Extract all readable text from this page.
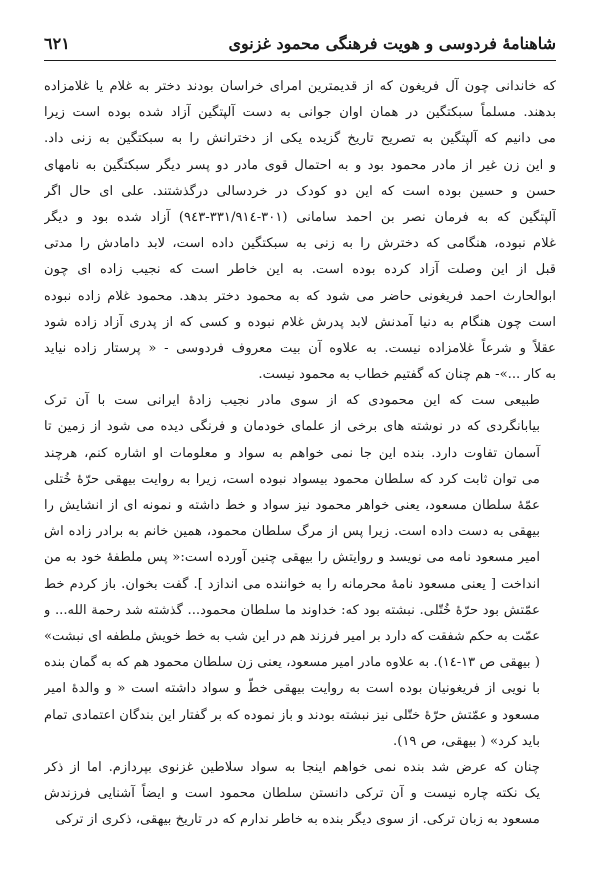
شاهنامهٔ فردوسی و هویت فرهنگی محمود غزنوی
٦٢١
که خاندانی چون آل فریغون که از قدیمترین امرای خراسان بودند دختر به غلام یا غلامزاده
بدهند. مسلماً سبکتگین در همان اوان جوانی به دست آلپتگین آزاد شده بوده است زیرا
می دانیم که آلپتگین به تصریح تاریخ گزیده یکی از دخترانش را به سبکتگین به زنی داد.
و این زن غیر از مادر محمود بود و به احتمال قوی مادر دو پسر دیگر سبکتگین به نامهای
حسن و حسین بوده است که این دو کودک در خردسالی درگذشتند. علی ای حال اگر
آلپتگین که به فرمان نصر بن احمد سامانی (٣٠١-٣٣١/٩١٤-٩٤٣) آزاد شده بود و دیگر
غلام نبوده، هنگامی که دخترش را به زنی به سبکتگین داده است، لابد دامادش را مدتی
قبل از این وصلت آزاد کرده بوده است. به این خاطر است که نجیب زاده ای چون
ابوالحارث احمد فریغونی حاضر می شود که به محمود دختر بدهد. محمود غلام زاده نبوده
است چون هنگام به دنیا آمدنش لابد پدرش غلام نبوده و کسی که از پدری آزاد زاده شود
عقلاً و شرعاً غلامزاده نیست. به علاوه آن بیت معروف فردوسی - « پرستار زاده نیاید
به کار ...»- هم چنان که گفتیم خطاب به محمود نیست.
طبیعی ست که این محمودی که از سوی مادر نجیب زادهٔ ایرانی ست با آن ترک
بیابانگردی که در نوشته های برخی از علمای خودمان و فرنگی دیده می شود از زمین تا
آسمان تفاوت دارد. بنده این جا نمی خواهم به سواد و معلومات او اشاره کنم، هرچند
می توان ثابت کرد که سلطان محمود بیسواد نبوده است، زیرا به روایت بیهقی حرّهٔ خُتلی
عمّهٔ سلطان مسعود، یعنی خواهر محمود نیز سواد و خط داشته و نمونه ای از انشایش را
بیهقی به دست داده است. زیرا پس از مرگ سلطان محمود، همین خانم به برادر زاده اش
امیر مسعود نامه می نویسد و روایتش را بیهقی چنین آورده است:« پس ملطفهٔ خود به من
انداخت [ یعنی مسعود نامهٔ محرمانه را به خواننده می اندازد ]. گفت بخوان. باز کردم خط
عمّتش بود حرّهٔ خُتّلی. نبشته بود که: خداوند ما سلطان محمود... گذشته شد رحمة الله... و
عمّت به حکم شفقت که دارد بر امیر فرزند هم در این شب به خط خویش ملطفه ای نبشت»
( بیهقی ص ١٣-١٤). به علاوه مادر امیر مسعود، یعنی زن سلطان محمود هم که به گمان بنده
با نویی از فریغونیان بوده است به روایت بیهقی خطّ و سواد داشته است « و والدهٔ امیر
مسعود و عمّتش حرّهٔ ختّلی نیز نبشته بودند و باز نموده که بر گفتار این بندگان اعتمادی تمام
باید کرد» ( بیهقی، ص ١٩).
چنان که عرض شد بنده نمی خواهم اینجا به سواد سلاطین غزنوی بپردازم. اما از ذکر
یک نکته چاره نیست و آن ترکی دانستن سلطان محمود است و ایضاً آشنایی فرزندش
مسعود به زبان ترکی. از سوی دیگر بنده به خاطر ندارم که در تاریخ بیهقی، ذکری از ترکی
